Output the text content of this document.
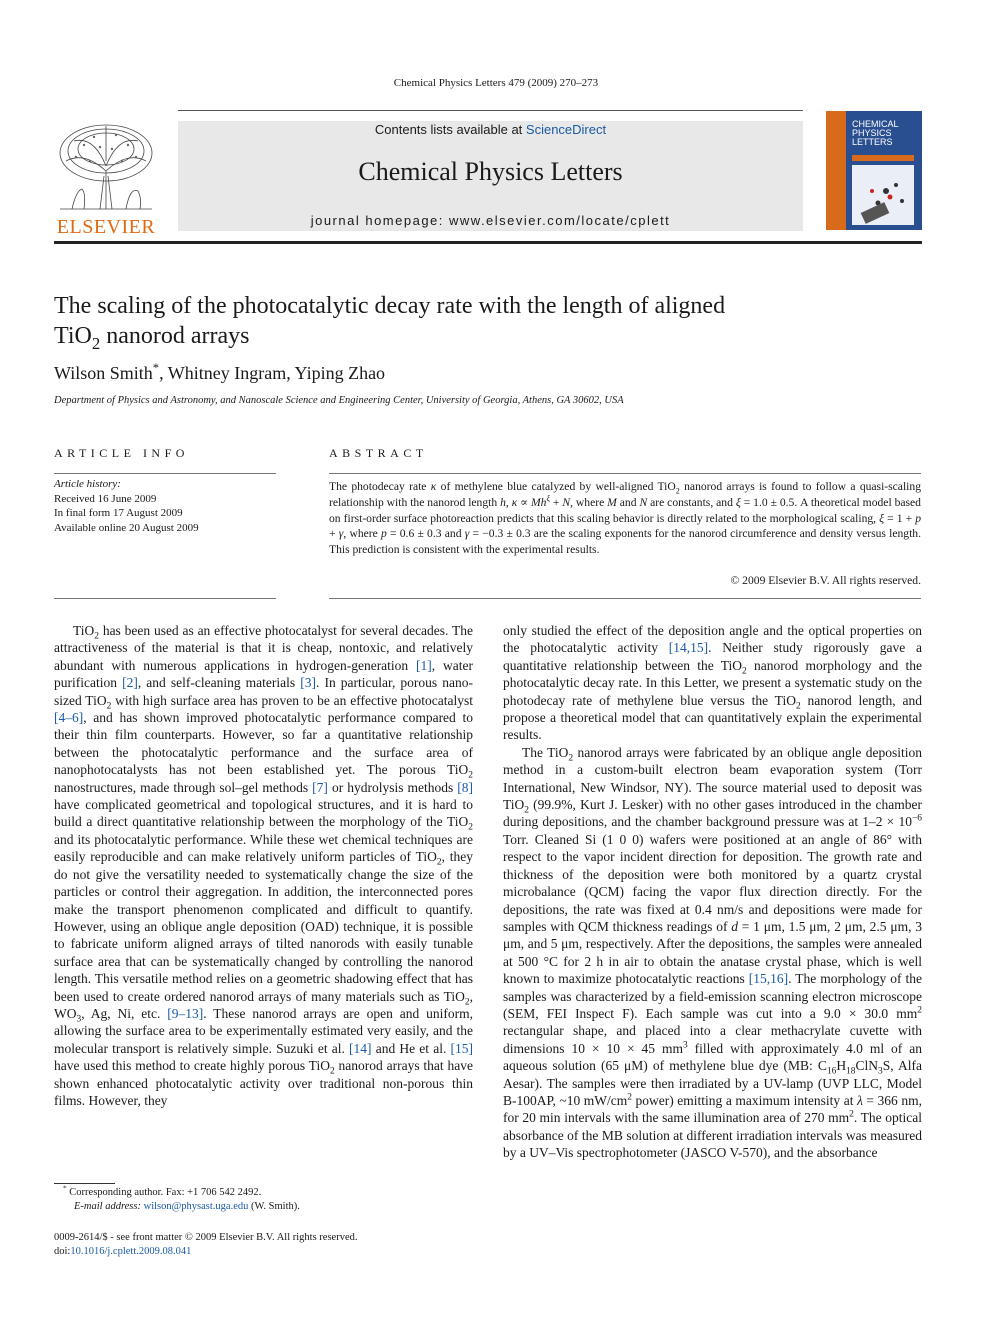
Chemical Physics Letters 479 (2009) 270–273
ELSEVIER
Contents lists available at ScienceDirect
Chemical Physics Letters
journal homepage: www.elsevier.com/locate/cplett
CHEMICAL
PHYSICS
LETTERS
The scaling of the photocatalytic decay rate with the length of aligned
TiO$_2$ nanorod arrays
Wilson Smith*, Whitney Ingram, Yiping Zhao
Department of Physics and Astronomy, and Nanoscale Science and Engineering Center, University of Georgia, Athens, GA 30602, USA
ARTICLE INFO
Article history:
Received 16 June 2009
In final form 17 August 2009
Available online 20 August 2009
ABSTRACT
The photodecay rate κ of methylene blue catalyzed by well-aligned TiO$_2$ nanorod arrays is found to follow a quasi-scaling relationship with the nanorod length h, $\kappa \propto Mh^\xi + N$, where M and N are constants, and ξ = 1.0 ± 0.5. A theoretical model based on first-order surface photoreaction predicts that this scaling behavior is directly related to the morphological scaling, ξ = 1 + p + γ, where p = 0.6 ± 0.3 and γ = −0.3 ± 0.3 are the scaling exponents for the nanorod circumference and density versus length. This prediction is consistent with the experimental results.
© 2009 Elsevier B.V. All rights reserved.

TiO$_2$ has been used as an effective photocatalyst for several decades. The attractiveness of the material is that it is cheap, nontoxic, and relatively abundant with numerous applications in hydrogen-generation [1], water purification [2], and self-cleaning materials [3]. In particular, porous nano-sized TiO$_2$ with high surface area has proven to be an effective photocatalyst [4–6], and has shown improved photocatalytic performance compared to their thin film counterparts. However, so far a quantitative relationship between the photocatalytic performance and the surface area of nanophotocatalysts has not been established yet. The porous TiO$_2$ nanostructures, made through sol–gel methods [7] or hydrolysis methods [8] have complicated geometrical and topological structures, and it is hard to build a direct quantitative relationship between the morphology of the TiO$_2$ and its photocatalytic performance. While these wet chemical techniques are easily reproducible and can make relatively uniform particles of TiO$_2$, they do not give the versatility needed to systematically change the size of the particles or control their aggregation. In addition, the interconnected pores make the transport phenomenon complicated and difficult to quantify. However, using an oblique angle deposition (OAD) technique, it is possible to fabricate uniform aligned arrays of tilted nanorods with easily tunable surface area that can be systematically changed by controlling the nanorod length. This versatile method relies on a geometric shadowing effect that has been used to create ordered nanorod arrays of many materials such as TiO$_2$, $WO_3$, Ag, Ni, etc. [9–13]. These nanorod arrays are open and uniform, allowing the surface area to be experimentally estimated very easily, and the molecular transport is relatively simple. Suzuki et al. [14] and He et al. [15] have used this method to create highly porous TiO$_2$ nanorod arrays that have shown enhanced photocatalytic activity over traditional non-porous thin films. However, they

only studied the effect of the deposition angle and the optical properties on the photocatalytic activity [14,15]. Neither study rigorously gave a quantitative relationship between the TiO$_2$ nanorod morphology and the photocatalytic decay rate. In this Letter, we present a systematic study on the photodecay rate of methylene blue versus the TiO$_2$ nanorod length, and propose a theoretical model that can quantitatively explain the experimental results.

The TiO$_2$ nanorod arrays were fabricated by an oblique angle deposition method in a custom-built electron beam evaporation system (Torr International, New Windsor, NY). The source material used to deposit was TiO$_2$ (99.9%, Kurt J. Lesker) with no other gases introduced in the chamber during depositions, and the chamber background pressure was at $1-2 \times 10^{-6}$ Torr. Cleaned Si (1 0 0) wafers were positioned at an angle of 86° with respect to the vapor incident direction for deposition. The growth rate and thickness of the deposition were both monitored by a quartz crystal microbalance (QCM) facing the vapor flux direction directly. For the depositions, the rate was fixed at 0.4 nm/s and depositions were made for samples with QCM thickness readings of d = 1 μm, 1.5 μm, 2 μm, 2.5 μm, 3 μm, and 5 μm, respectively. After the depositions, the samples were annealed at 500 °C for 2 h in air to obtain the anatase crystal phase, which is well known to maximize photocatalytic reactions [15,16]. The morphology of the samples was characterized by a field-emission scanning electron microscope (SEM, FEI Inspect F). Each sample was cut into a 9.0 × 30.0 $mm^2$ rectangular shape, and placed into a clear methacrylate cuvette with dimensions 10 × 10 × 45 $mm^3$ filled with approximately 4.0 ml of an aqueous solution (65 μM) of methylene blue dye (MB: $C_{16}H_{18}ClN_3S$, Alfa Aesar). The samples were then irradiated by a UV-lamp (UVP LLC, Model B-100AP, ~10 $mW/cm^2$ power) emitting a maximum intensity at λ = 366 nm, for 20 min intervals with the same illumination area of 270 $mm^2$. The optical absorbance of the MB solution at different irradiation intervals was measured by a UV–Vis spectrophotometer (JASCO V-570), and the absorbance

* Corresponding author. Fax: +1 706 542 2492.
E-mail address: wilson@physast.uga.edu (W. Smith).
0009-2614/$ - see front matter © 2009 Elsevier B.V. All rights reserved.
doi:10.1016/j.cplett.2009.08.041
